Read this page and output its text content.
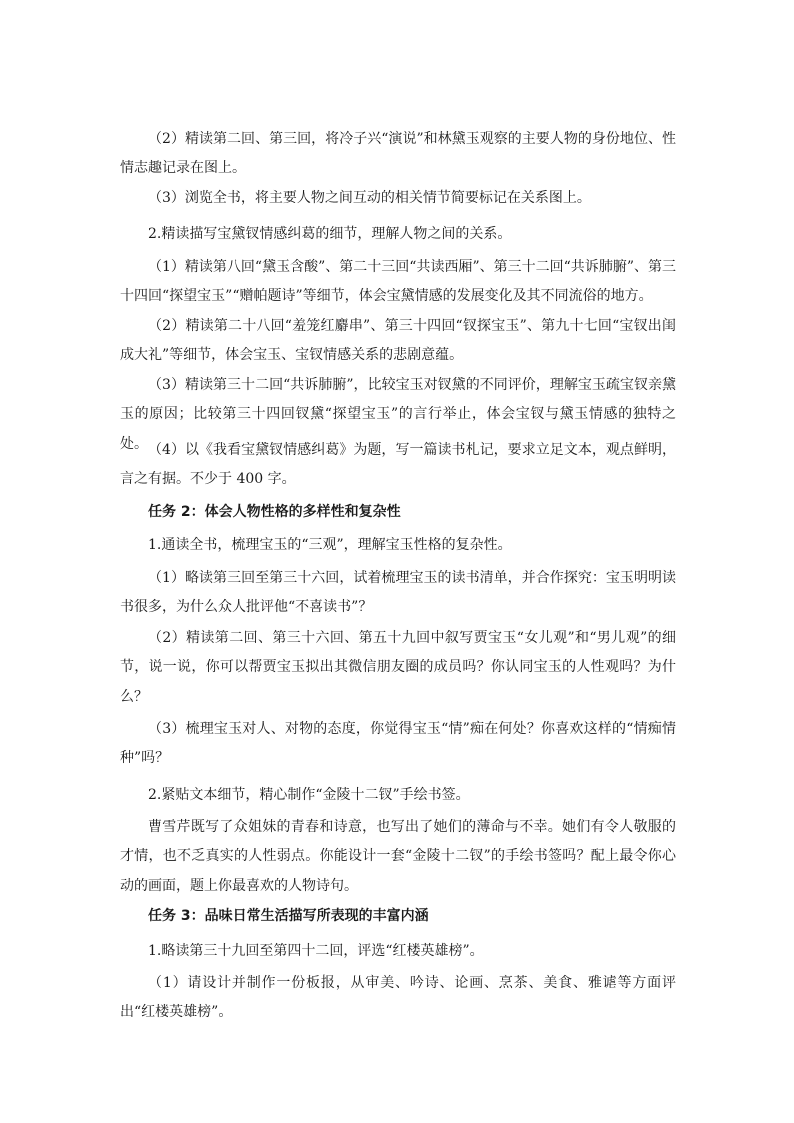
（2）精读第二回、第三回，将冷子兴“演说”和林黛玉观察的主要人物的身份地位、性情志趣记录在图上。

（3）浏览全书，将主要人物之间互动的相关情节简要标记在关系图上。

2.精读描写宝黛钗情感纠葛的细节，理解人物之间的关系。

（1）精读第八回“黛玉含酸”、第二十三回“共读西厢”、第三十二回“共诉肺腑”、第三十四回“探望宝玉”“赠帕题诗”等细节，体会宝黛情感的发展变化及其不同流俗的地方。

（2）精读第二十八回“羞笼红麝串”、第三十四回“钗探宝玉”、第九十七回“宝钗出闺成大礼”等细节，体会宝玉、宝钗情感关系的悲剧意蕴。

（3）精读第三十二回“共诉肺腑”，比较宝玉对钗黛的不同评价，理解宝玉疏宝钗亲黛玉的原因；比较第三十四回钗黛“探望宝玉”的言行举止，体会宝钗与黛玉情感的独特之处。 （4）以《我看宝黛钗情感纠葛》为题，写一篇读书札记，要求立足文本，观点鲜明，言之有据。不少于 400 字。

任务 2：体会人物性格的多样性和复杂性

1.通读全书，梳理宝玉的“三观”，理解宝玉性格的复杂性。

（1）略读第三回至第三十六回，试着梳理宝玉的读书清单，并合作探究：宝玉明明读书很多，为什么众人批评他“不喜读书”？

（2）精读第二回、第三十六回、第五十九回中叙写贾宝玉“女儿观”和“男儿观”的细节，说一说，你可以帮贾宝玉拟出其微信朋友圈的成员吗？你认同宝玉的人性观吗？为什么？

（3）梳理宝玉对人、对物的态度，你觉得宝玉“情”痴在何处？你喜欢这样的“情痴情种”吗？

2.紧贴文本细节，精心制作“金陵十二钗”手绘书签。

曹雪芹既写了众姐妹的青春和诗意，也写出了她们的薄命与不幸。她们有令人敬服的才情，也不乏真实的人性弱点。你能设计一套“金陵十二钗”的手绘书签吗？配上最令你心动的画面，题上你最喜欢的人物诗句。

任务 3：品味日常生活描写所表现的丰富内涵

1.略读第三十九回至第四十二回，评选“红楼英雄榜”。

（1）请设计并制作一份板报，从审美、吟诗、论画、烹茶、美食、雅谑等方面评出“红楼英雄榜”。
